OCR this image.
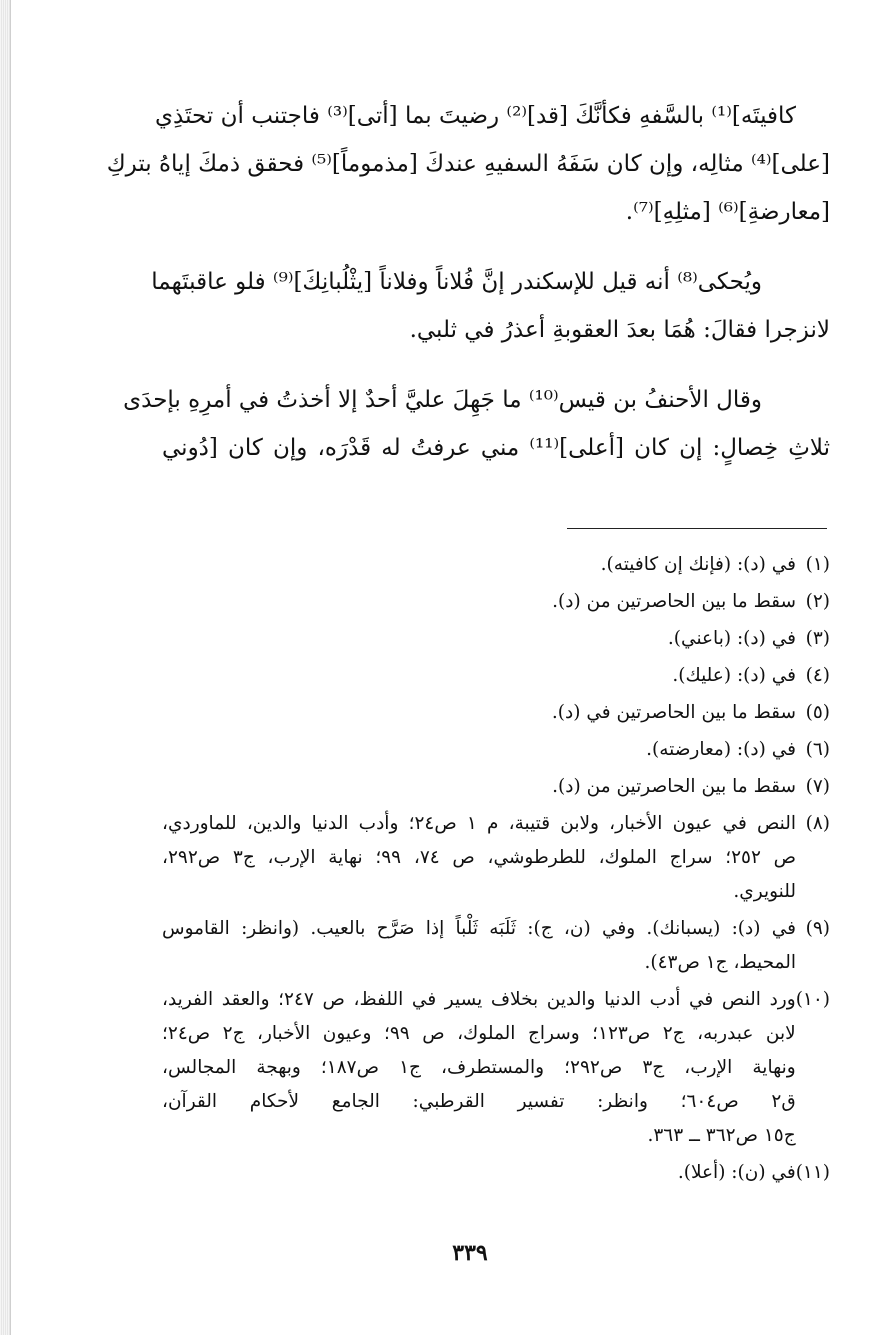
كافيتَه]⁽¹⁾ بالسَّفهِ فكأنَّكَ [قد]⁽²⁾ رضيتَ بما [أتى]⁽³⁾ فاجتنب أن تحتَذِي
[على]⁽⁴⁾ مثالِه، وإن كان سَفَهُ السفيهِ عندكَ [مذموماً]⁽⁵⁾ فحقق ذمكَ إياهُ بتركِ
[معارضةِ]⁽⁶⁾ [مثلِهِ]⁽⁷⁾.
ويُحكى⁽⁸⁾ أنه قيل للإسكندر إنَّ فُلاناً وفلاناً [يثْلُبانِكَ]⁽⁹⁾ فلو عاقبتَهما
لانزجرا فقالَ: هُمَا بعدَ العقوبةِ أعذرُ في ثلبي.
وقال الأحنفُ بن قيس⁽¹⁰⁾ ما جَهِلَ عليَّ أحدٌ إلا أخذتُ في أمرِهِ بإحدَى
ثلاثِ خِصالٍ: إن كان [أعلى]⁽¹¹⁾ مني عرفتُ له قَدْرَه، وإن كان [دُوني
(١)
في (د): (فإنك إن كافيته).
(٢)
سقط ما بين الحاصرتين من (د).
(٣)
في (د): (باعني).
(٤)
في (د): (عليك).
(٥)
سقط ما بين الحاصرتين في (د).
(٦)
في (د): (معارضته).
(٧)
سقط ما بين الحاصرتين من (د).
(٨)
النص في عيون الأخبار، ولابن قتيبة، م ١ ص٢٤؛ وأدب الدنيا والدين، للماوردي،
ص ٢٥٢؛ سراج الملوك، للطرطوشي، ص ٧٤، ٩٩؛ نهاية الإرب، ج٣ ص٢٩٢،
للنويري.
(٩)
في (د): (يسبانك). وفي (ن، ج): ثَلَبَه ثَلْباً إذا صَرَّح بالعيب. (وانظر: القاموس
المحيط، ج١ ص٤٣).
(١٠)
ورد النص في أدب الدنيا والدين بخلاف يسير في اللفظ، ص ٢٤٧؛ والعقد الفريد،
لابن عبدربه، ج٢ ص١٢٣؛ وسراج الملوك، ص ٩٩؛ وعيون الأخبار، ج٢ ص٢٤؛
ونهاية الإرب، ج٣ ص٢٩٢؛ والمستطرف، ج١ ص١٨٧؛ وبهجة المجالس،
ق٢ ص٦٠٤؛ وانظر: تفسير القرطبي: الجامع لأحكام القرآن،
ج١٥ ص٣٦٢ ــ ٣٦٣.
(١١)
في (ن): (أعلا).
٣٣٩
